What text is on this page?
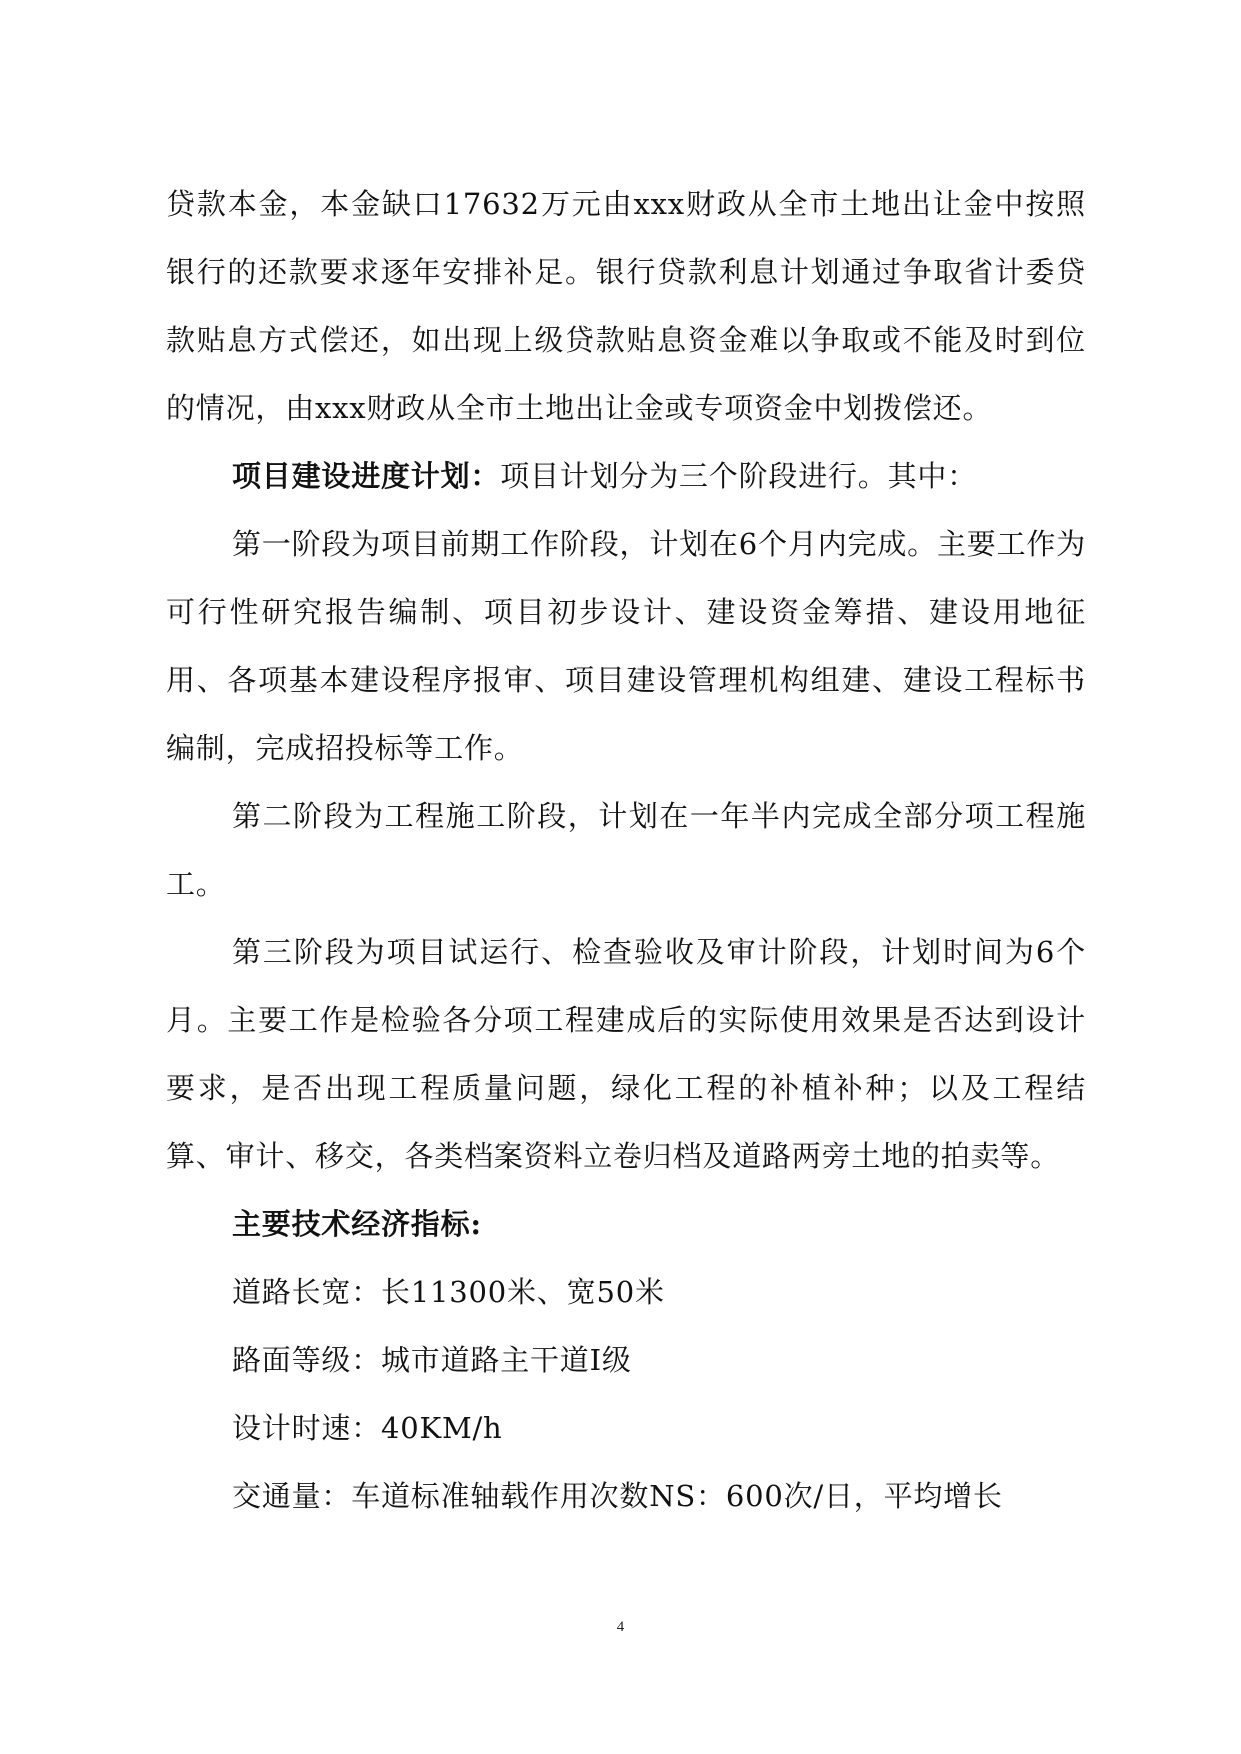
贷款本金，本金缺口17632万元由xxx财政从全市土地出让金中按照银行的还款要求逐年安排补足。银行贷款利息计划通过争取省计委贷款贴息方式偿还，如出现上级贷款贴息资金难以争取或不能及时到位的情况，由xxx财政从全市土地出让金或专项资金中划拨偿还。

项目建设进度计划：项目计划分为三个阶段进行。其中：

第一阶段为项目前期工作阶段，计划在6个月内完成。主要工作为可行性研究报告编制、项目初步设计、建设资金筹措、建设用地征用、各项基本建设程序报审、项目建设管理机构组建、建设工程标书编制，完成招投标等工作。

第二阶段为工程施工阶段，计划在一年半内完成全部分项工程施工。

第三阶段为项目试运行、检查验收及审计阶段，计划时间为6个月。主要工作是检验各分项工程建成后的实际使用效果是否达到设计要求，是否出现工程质量问题，绿化工程的补植补种；以及工程结算、审计、移交，各类档案资料立卷归档及道路两旁土地的拍卖等。

主要技术经济指标:

道路长宽：长11300米、宽50米

路面等级：城市道路主干道Ⅰ级

设计时速：40KM/h

交通量：车道标准轴载作用次数NS：600次/日，平均增长

4
